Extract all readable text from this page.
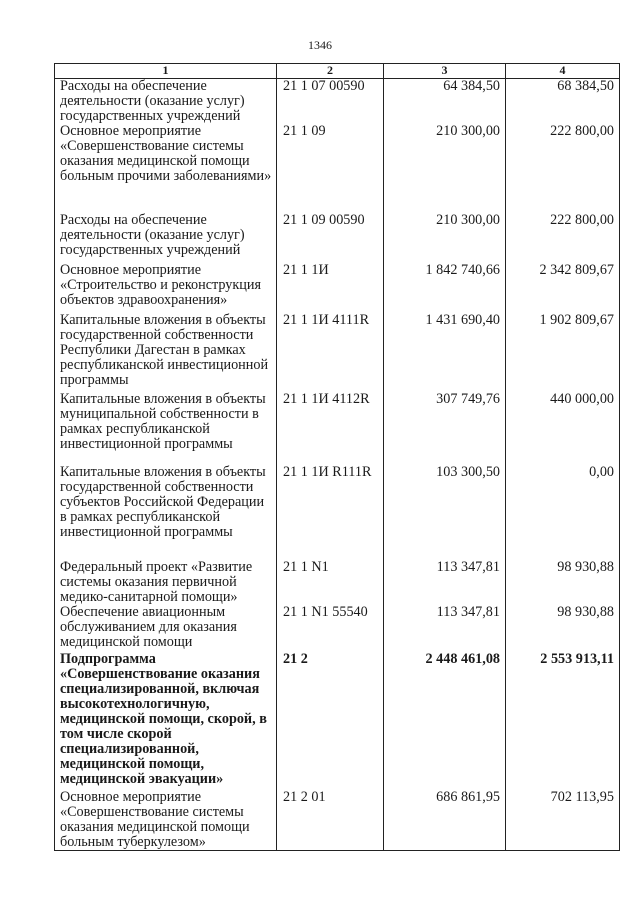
1346
1	2	3	4
Расходы на обеспечение деятельности (оказание услуг) государственных учреждений	21 1 07 00590	64 384,50	68 384,50
Основное мероприятие «Совершенствование системы оказания медицинской помощи больным прочими заболеваниями»	21 1 09	210 300,00	222 800,00
Расходы на обеспечение деятельности (оказание услуг) государственных учреждений	21 1 09 00590	210 300,00	222 800,00
Основное мероприятие «Строительство и реконструкция объектов здравоохранения»	21 1 1И	1 842 740,66	2 342 809,67
Капитальные вложения в объекты государственной собственности Республики Дагестан в рамках республиканской инвестиционной программы	21 1 1И 4111R	1 431 690,40	1 902 809,67
Капитальные вложения в объекты муниципальной собственности в рамках республиканской инвестиционной программы	21 1 1И 4112R	307 749,76	440 000,00
Капитальные вложения в объекты государственной собственности субъектов Российской Федерации в рамках республиканской инвестиционной программы	21 1 1И R111R	103 300,50	0,00
Федеральный проект «Развитие системы оказания первичной медико-санитарной помощи»	21 1 N1	113 347,81	98 930,88
Обеспечение авиационным обслуживанием для оказания медицинской помощи	21 1 N1 55540	113 347,81	98 930,88
Подпрограмма «Совершенствование оказания специализированной, включая высокотехнологичную, медицинской помощи, скорой, в том числе скорой специализированной, медицинской помощи, медицинской эвакуации»	21 2	2 448 461,08	2 553 913,11
Основное мероприятие «Совершенствование системы оказания медицинской помощи больным туберкулезом»	21 2 01	686 861,95	702 113,95
